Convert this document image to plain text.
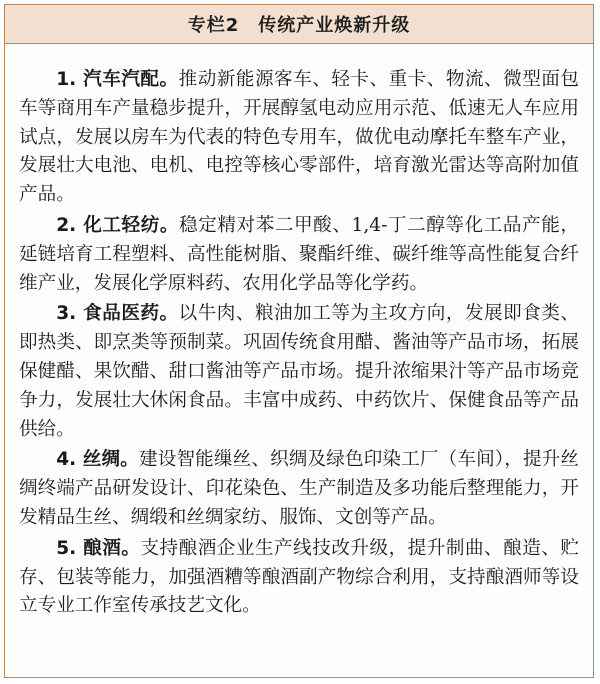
专栏2　传统产业焕新升级

1. 汽车汽配。推动新能源客车、轻卡、重卡、物流、微型面包车等商用车产量稳步提升，开展醇氢电动应用示范、低速无人车应用试点，发展以房车为代表的特色专用车，做优电动摩托车整车产业，发展壮大电池、电机、电控等核心零部件，培育激光雷达等高附加值产品。

2. 化工轻纺。稳定精对苯二甲酸、1,4-丁二醇等化工品产能，延链培育工程塑料、高性能树脂、聚酯纤维、碳纤维等高性能复合纤维产业，发展化学原料药、农用化学品等化学药。

3. 食品医药。以牛肉、粮油加工等为主攻方向，发展即食类、即热类、即烹类等预制菜。巩固传统食用醋、酱油等产品市场，拓展保健醋、果饮醋、甜口酱油等产品市场。提升浓缩果汁等产品市场竞争力，发展壮大休闲食品。丰富中成药、中药饮片、保健食品等产品供给。

4. 丝绸。建设智能缫丝、织绸及绿色印染工厂（车间），提升丝绸终端产品研发设计、印花染色、生产制造及多功能后整理能力，开发精品生丝、绸缎和丝绸家纺、服饰、文创等产品。

5. 酿酒。支持酿酒企业生产线技改升级，提升制曲、酿造、贮存、包装等能力，加强酒糟等酿酒副产物综合利用，支持酿酒师等设立专业工作室传承技艺文化。
